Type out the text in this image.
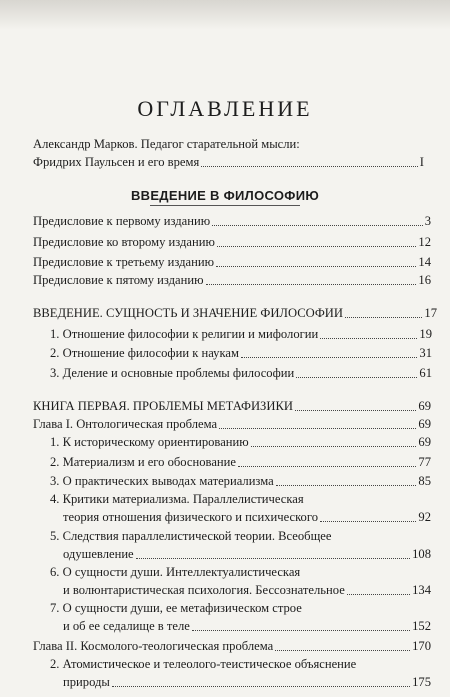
ОГЛАВЛЕНИЕ
Александр Марков. Педагог старательной мысли:
Фридрих Паульсен и его время	I
ВВЕДЕНИЕ В ФИЛОСОФИЮ
Предисловие к первому изданию	3
Предисловие ко второму изданию	12
Предисловие к третьему изданию	14
Предисловие к пятому изданию	16
ВВЕДЕНИЕ. СУЩНОСТЬ И ЗНАЧЕНИЕ ФИЛОСОФИИ	17
1. Отношение философии к религии и мифологии	19
2. Отношение философии к наукам	31
3. Деление и основные проблемы философии	61
КНИГА ПЕРВАЯ. ПРОБЛЕМЫ МЕТАФИЗИКИ	69
Глава I. Онтологическая проблема	69
1. К историческому ориентированию	69
2. Материализм и его обоснование	77
3. О практических выводах материализма	85
4. Критики материализма. Параллелистическая
теория отношения физического и психического	92
5. Следствия параллелистической теории. Всеобщее
одушевление	108
6. О сущности души. Интеллектуалистическая
и волюнтаристическая психология. Бессознательное	134
7. О сущности души, ее метафизическом строе
и об ее седалище в теле	152
Глава II. Космолого-теологическая проблема	170
2. Атомистическое и телеолого-теистическое объяснение
природы	175
